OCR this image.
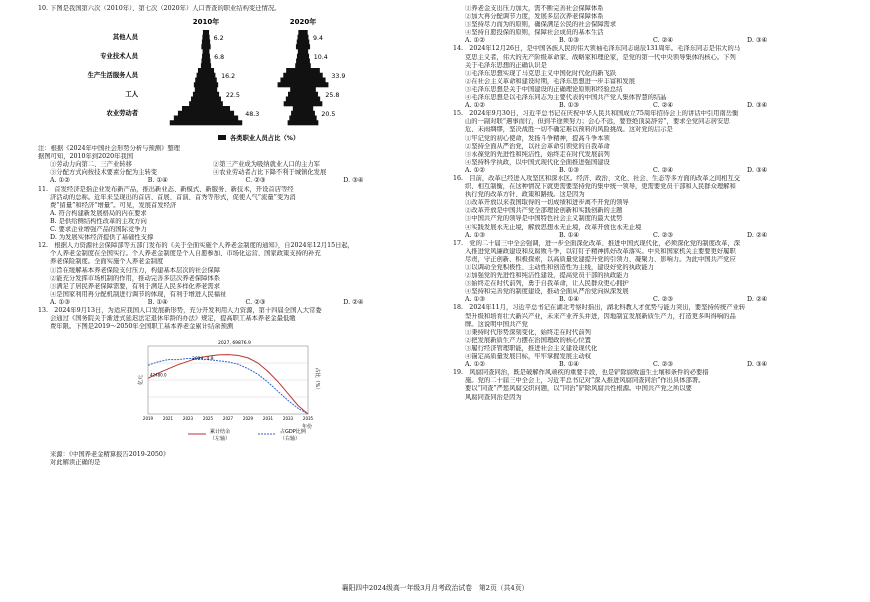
10. 下图是我国第六次（2010年）、第七次（2020年）人口普查的职业结构变迁情况。
2010年	2020年
其他人员	6.2	9.4
专业技术人员	6.8	10.4
生产生活服务人员	16.2	33.9
工人	22.5	25.8
农业劳动者	48.3	20.5
各类职业人员占比（%）
注：根据《2024年中国社会形势分析与预测》整理
据图可知，2010年到2020年我国
①劳动力向第二、三产业转移	②第三产业成为吸纳就业人口的主力军
③分配方式向按技术要素分配为主转变	④农业劳动者占比下降不利于城镇化发展
A. ①②	B. ①④	C. ②③	D. ③④
11.　首发经济是指企业发布新产品，推出新业态、新模式、新服务、新技术，开设首店等经
济活动的总称。近年来呈现出的首店、首展、首演、首秀等形式，促使人气“流量”变为消
费“留量”和经济“增量”。可见，发展首发经济
A. 符合构建新发展格局的内在要求
B. 是供给侧结构性改革的主攻方向
C. 要求企业增强产品的国际竞争力
D. 为发展实体经济提供了基础性支撑
12.　根据人力资源社会保障部等五部门发布的《关于全面实施个人养老金制度的通知》，自2024年12月15日起，
个人养老金制度在全国实行。个人养老金制度是个人自愿参加、市场化运营、国家政策支持的补充
养老保险制度。全面实施个人养老金制度
①旨在缓解基本养老保险支付压力，构建基本层次的社会保障
②能充分发挥市场机制的作用，推动完善多层次养老保障体系
③满足了居民养老保障需要，有利于满足人民多样化养老需求
④是国家利用再分配机制进行调节的体现，有利于增进人民福祉
A. ①③	B. ①④	C. ②③	D. ②④
13.　2024年9月13日，为适应我国人口发展新形势，充分开发利用人力资源，第十四届全国人大常委
会通过《国务院关于渐进式延迟法定退休年龄的办法》规定，提高职工基本养老金最低缴
费年限。下图是2019～2050年全国职工基本养老金累计结余预测
2019 2021 2023 2025 2027 2029 2031 2033 2035
2027, 69876.9
2024, 4.9
42480.0
亿元	占比（%）
年份
累计结余
（左轴）
占GDP比例
（右轴）
来源：《中国养老金精算报告2019-2050》
对此解读正确的是
①养老金支出压力加大，需不断完善社会保障体系
②加大再分配调节力度，发展多层次养老保障体系
③坚持尽力而为的原则，确保满足公民的社会保障需求
④坚持自愿投保的原则，保障社会成员的基本生活
A. ①②	B. ①③	C. ②④	D. ③④
14.　2024年12月26日，是中国各族人民的伟大领袖毛泽东同志诞辰131周年。毛泽东同志是伟大的马
克思主义者，伟大的无产阶级革命家、战略家和理论家，是党的第一代中央领导集体的核心。下列
关于毛泽东思想的正确认识是
①毛泽东思想实现了马克思主义中国化时代化的新飞跃
②在社会主义革命和建设时期，毛泽东思想进一步丰富和发展
③毛泽东思想是关于中国建设的正确理论原则和经验总结
④毛泽东思想是以毛泽东同志为主要代表的中国共产党人集体智慧的结晶
A. ①②	B. ①③	C. ②④	D. ③④
15.　2024年9月30日，习近平总书记在庆祝中华人民共和国成立75周年招待会上的讲话中引用南岳衡
山的一副对联“遇事而行，但到半途须努力；会心不远，要登绝顶莫辞劳”，要求全党同志居安思
危、未雨绸缪，坚决战胜一切不确定难以预料的风险挑战。这对党的启示是
①牢记党的初心使命，发扬斗争精神，提高斗争本领
②坚持全面从严治党，以社会革命引领党的自我革命
③永葆党的先进性和纯洁性，始终走在时代发展前列
④坚持科学执政，以中国式现代化全面推进强国建设
A. ①②	B. ①③	C. ②④	D. ③④
16.　目前，改革已经进入攻坚区和深水区。经济、政治、文化、社会、生态等多方面的改革之间相互交
织、相互制衡，在这种情况下就更需要坚持党的集中统一领导，更需要党员干部和人民群众理解和
执行党的改革方针、政策和路线。这是因为
①改革开放以来我国取得的一切成绩和进步离不开党的领导
②改革开放是中国共产党全部理论创新和实践创新的主题
③中国共产党的领导是中国特色社会主义制度的最大优势
④实践发展永无止境，解放思想永无止境，改革开放也永无止境
A. ①③	B. ①④	C. ②③	D. ②④
17.　党的二十届三中全会强调，进一步全面深化改革、推进中国式现代化，必须深化党的制度改革，深
入推进党风廉政建设和反腐败斗争，以钉钉子精神抓好改革落实。中央和国家机关主要要更好履职
尽责，守正创新、积极探索，以高质量党建提升党的引领力、凝聚力、影响力。为此中国共产党应
①以调动全党积极性、主动性和创造性为主线，建设好党的执政能力
②加强党的先进性和纯洁性建设，提高党员干部的执政能力
③始终走在时代前列，勇于自我革命，让人民群众更心拥护
④坚持和完善党的制度建设，推动全面从严治党向纵深发展
A. ①③	B. ①④	C. ②③	D. ②④
18.　2024年11月，习近平总书记在湖北考察时指出，湖北科教人才优势与能力突出，要坚持传统产业转
型升级和培育壮大新兴产业，未来产业齐头并进，因地制宜发展新质生产力，打造更多叫得响的品
牌。这说明中国共产党
①秉持时代形势深刻变化，始终走在时代前列
②把发展新质生产力摆在治国理政的核心位置
③履行经济管理职能，推进社会主义建设现代化
④锚定高质量发展目标，牢牢掌握发展主动权
A. ①②	B. ①④	C. ②③	D. ③④
19.　风腐同查同治，既是破解作风顽疾的重要手段，也是铲除腐败滋生土壤和条件的必要措
施。党的二十届三中全会上，习近平总书记对“深入推进风腐同查同治”作出具体部署。
要以“同查”严惩风腐交织问题，以“同治”铲除风腐共性根源。中国共产党之所以要
风腐同查同治是因为
襄阳四中2024级高一年级3月月考政治试卷　第2页（共4页）
